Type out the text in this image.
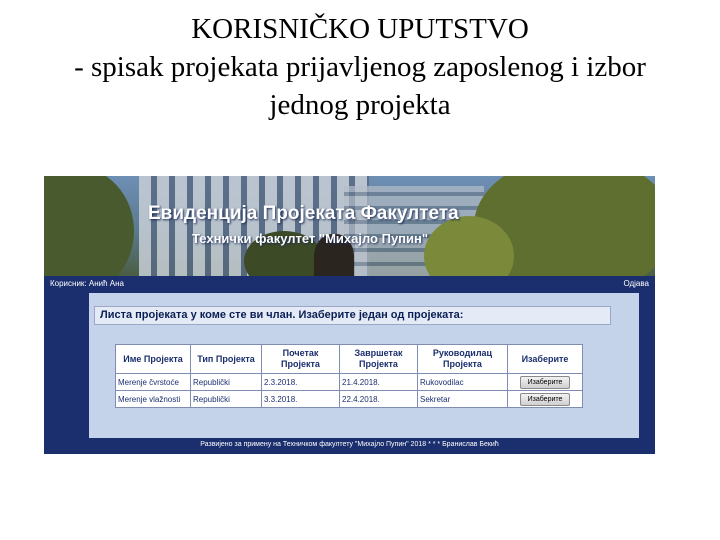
KORISNIČKO UPUTSTVO
- spisak projekata prijavljenog zaposlenog i izbor
jednog projekta
Евиденција Пројеката Факултета
Технички факултет "Михајло Пупин"
Корисник: Анић Ана	Одјава
Листа пројеката у коме сте ви члан. Изаберите један од пројеката:
Име Пројекта	Тип Пројекта	Почетак Пројекта	Завршетак Пројекта	Руководилац Пројекта	Изаберите
Merenje čvrstoće	Republički	2.3.2018.	21.4.2018.	Rukovodilac	Изаберите
Merenje vlažnosti	Republički	3.3.2018.	22.4.2018.	Sekretar	Изаберите
Развијено за примену на Техничком факултету "Михајло Пупин" 2018 * * * Бранислав Бекић
